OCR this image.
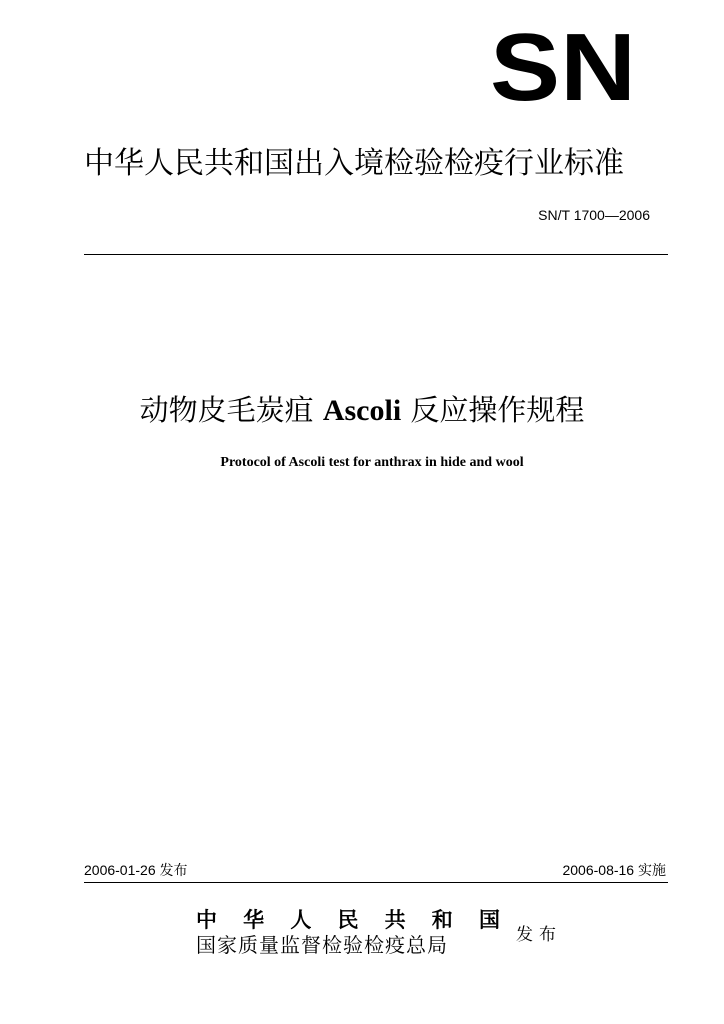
SN
中华人民共和国出入境检验检疫行业标准
SN/T 1700—2006
动物皮毛炭疽 Ascoli 反应操作规程
Protocol of Ascoli test for anthrax in hide and wool
2006-01-26 发布	2006-08-16 实施
中 华 人 民 共 和 国
国家质量监督检验检疫总局	发布
